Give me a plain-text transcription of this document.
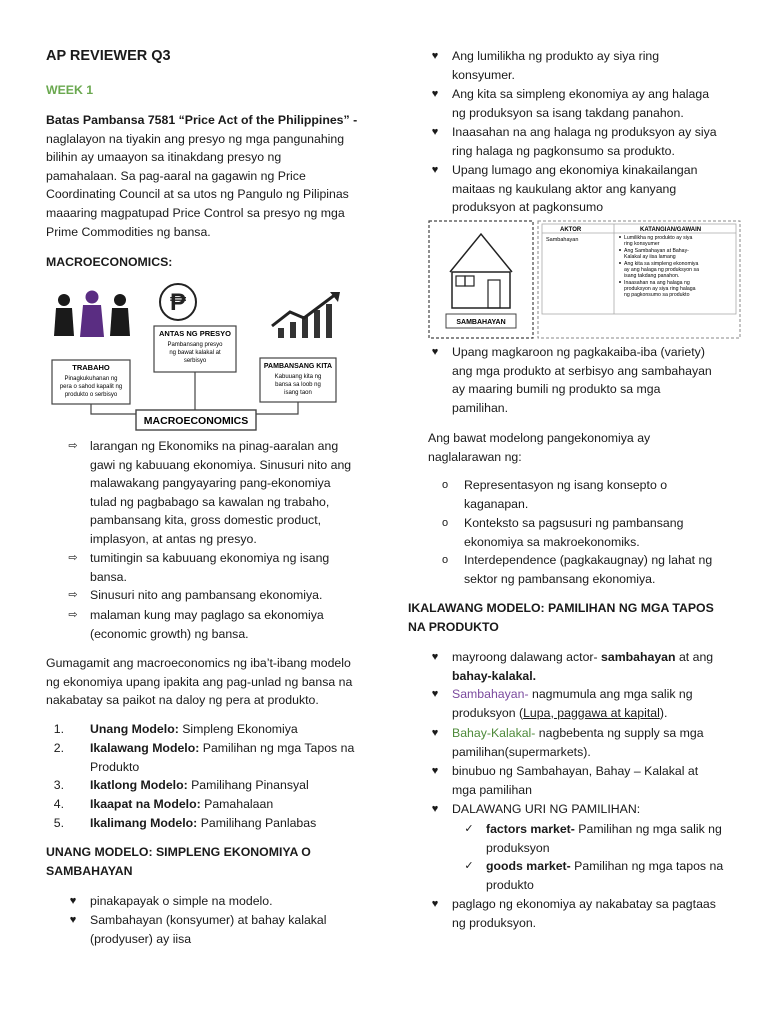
AP REVIEWER Q3
WEEK 1
Batas Pambansa 7581 “Price Act of the Philippines” -
naglalayon na tiyakin ang presyo ng mga pangunahing
bilihin ay umaayon sa itinakdang presyo ng
pamahalaan. Sa pag-aaral na gagawin ng Price
Coordinating Council at sa utos ng Pangulo ng Pilipinas
maaaring magpatupad Price Control sa presyo ng mga
Prime Commodities ng bansa.
MACROECONOMICS:
₱
TRABAHO
Pinagkukuhanan ng
pera o sahod kapalit ng
produkto o serbisyo
ANTAS NG PRESYO
Pambansang presyo
ng bawat kalakal at
serbisyo
PAMBANSANG KITA
Kabuuang kita ng
bansa sa loob ng
isang taon
MACROECONOMICS
⇨ larangan ng Ekonomiks na pinag-aaralan ang
gawi ng kabuuang ekonomiya. Sinusuri nito ang
malawakang pangyayaring pang-ekonomiya
tulad ng pagbabago sa kawalan ng trabaho,
pambansang kita, gross domestic product,
implasyon, at antas ng presyo.
⇨ tumitingin sa kabuuang ekonomiya ng isang
bansa.
⇨ Sinusuri nito ang pambansang ekonomiya.
⇨ malaman kung may paglago sa ekonomiya
(economic growth) ng bansa.
Gumagamit ang macroeconomics ng iba’t-ibang modelo
ng ekonomiya upang ipakita ang pag-unlad ng bansa na
nakabatay sa paikot na daloy ng pera at produkto.
1. Unang Modelo: Simpleng Ekonomiya
2. Ikalawang Modelo: Pamilihan ng mga Tapos na
Produkto
3. Ikatlong Modelo: Pamilihang Pinansyal
4. Ikaapat na Modelo: Pamahalaan
5. Ikalimang Modelo: Pamilihang Panlabas
UNANG MODELO: SIMPLENG EKONOMIYA O
SAMBAHAYAN
♥	pinakapayak o simple na modelo.
♥	Sambahayan (konsyumer) at bahay kalakal
(prodyuser) ay iisa
♥	Ang lumilikha ng produkto ay siya ring
konsyumer.
♥	Ang kita sa simpleng ekonomiya ay ang halaga
ng produksyon sa isang takdang panahon.
♥	Inaasahan na ang halaga ng produksyon ay siya
ring halaga ng pagkonsumo sa produkto.
♥	Upang lumago ang ekonomiya kinakailangan
maitaas ng kaukulang aktor ang kanyang
produksyon at pagkonsumo
SAMBAHAYAN
AKTOR	KATANGIAN/GAWAIN
Sambahayan	Lumilikha ng produkto ay siya
ring konsyumer
Ang Sambahayan at Bahay-
Kalakal ay iisa lamang
Ang kita sa simpleng ekonomiya
ay ang halaga ng produksyon sa
isang takdang panahon.
Inaasahan na ang halaga ng
produksyon ay siya ring halaga
ng pagkonsumo sa produkto
♥	Upang magkaroon ng pagkakaiba-iba (variety)
ang mga produkto at serbisyo ang sambahayan
ay maaring bumili ng produkto sa mga
pamilihan.
Ang bawat modelong pangekonomiya ay
naglalarawan ng:
o	Representasyon ng isang konsepto o
kaganapan.
o	Konteksto sa pagsusuri ng pambansang
ekonomiya sa makroekonomiks.
o	Interdependence (pagkakaugnay) ng lahat ng
sektor ng pambansang ekonomiya.
IKALAWANG MODELO: PAMILIHAN NG MGA TAPOS
NA PRODUKTO
♥	mayroong dalawang actor- sambahayan at ang
bahay-kalakal.
♥	Sambahayan- nagmumula ang mga salik ng
produksyon (Lupa, paggawa at kapital).
♥	Bahay-Kalakal- nagbebenta ng supply sa mga
pamilihan(supermarkets).
♥	binubuo ng Sambahayan, Bahay – Kalakal at
mga pamilihan
♥	DALAWANG URI NG PAMILIHAN:
✓ factors market- Pamilihan ng mga salik ng
produksyon
✓ goods market- Pamilihan ng mga tapos na
produkto
♥	paglago ng ekonomiya ay nakabatay sa pagtaas
ng produksyon.
